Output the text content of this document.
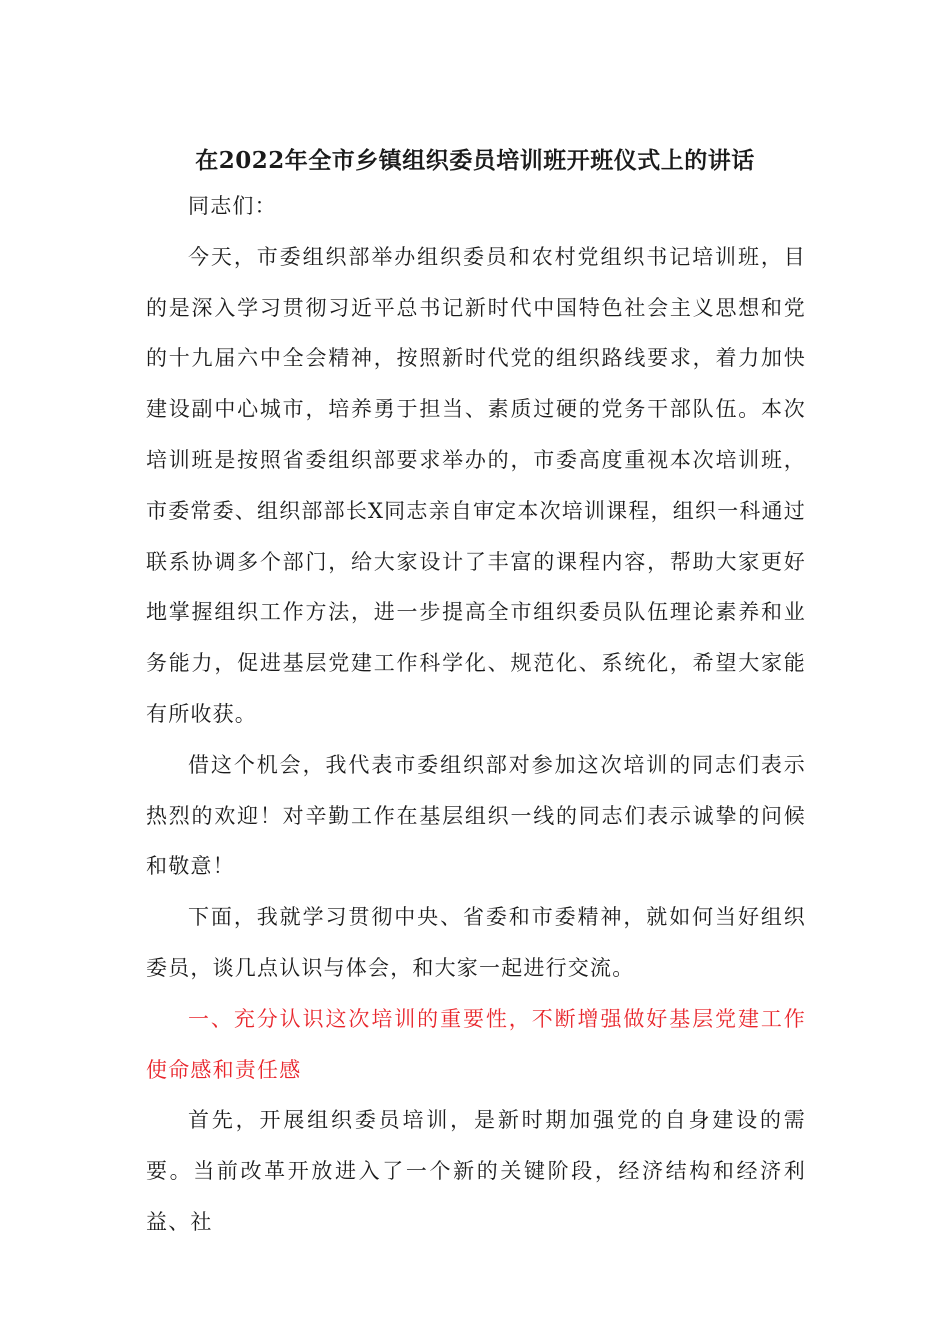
在2022年全市乡镇组织委员培训班开班仪式上的讲话

同志们：

今天，市委组织部举办组织委员和农村党组织书记培训班，目的是深入学习贯彻习近平总书记新时代中国特色社会主义思想和党的十九届六中全会精神，按照新时代党的组织路线要求，着力加快建设副中心城市，培养勇于担当、素质过硬的党务干部队伍。本次培训班是按照省委组织部要求举办的，市委高度重视本次培训班，市委常委、组织部部长X同志亲自审定本次培训课程，组织一科通过联系协调多个部门，给大家设计了丰富的课程内容，帮助大家更好地掌握组织工作方法，进一步提高全市组织委员队伍理论素养和业务能力，促进基层党建工作科学化、规范化、系统化，希望大家能有所收获。

借这个机会，我代表市委组织部对参加这次培训的同志们表示热烈的欢迎！对辛勤工作在基层组织一线的同志们表示诚挚的问候和敬意！

下面，我就学习贯彻中央、省委和市委精神，就如何当好组织委员，谈几点认识与体会，和大家一起进行交流。

一、充分认识这次培训的重要性，不断增强做好基层党建工作使命感和责任感

首先，开展组织委员培训，是新时期加强党的自身建设的需要。当前改革开放进入了一个新的关键阶段，经济结构和经济利益、社
